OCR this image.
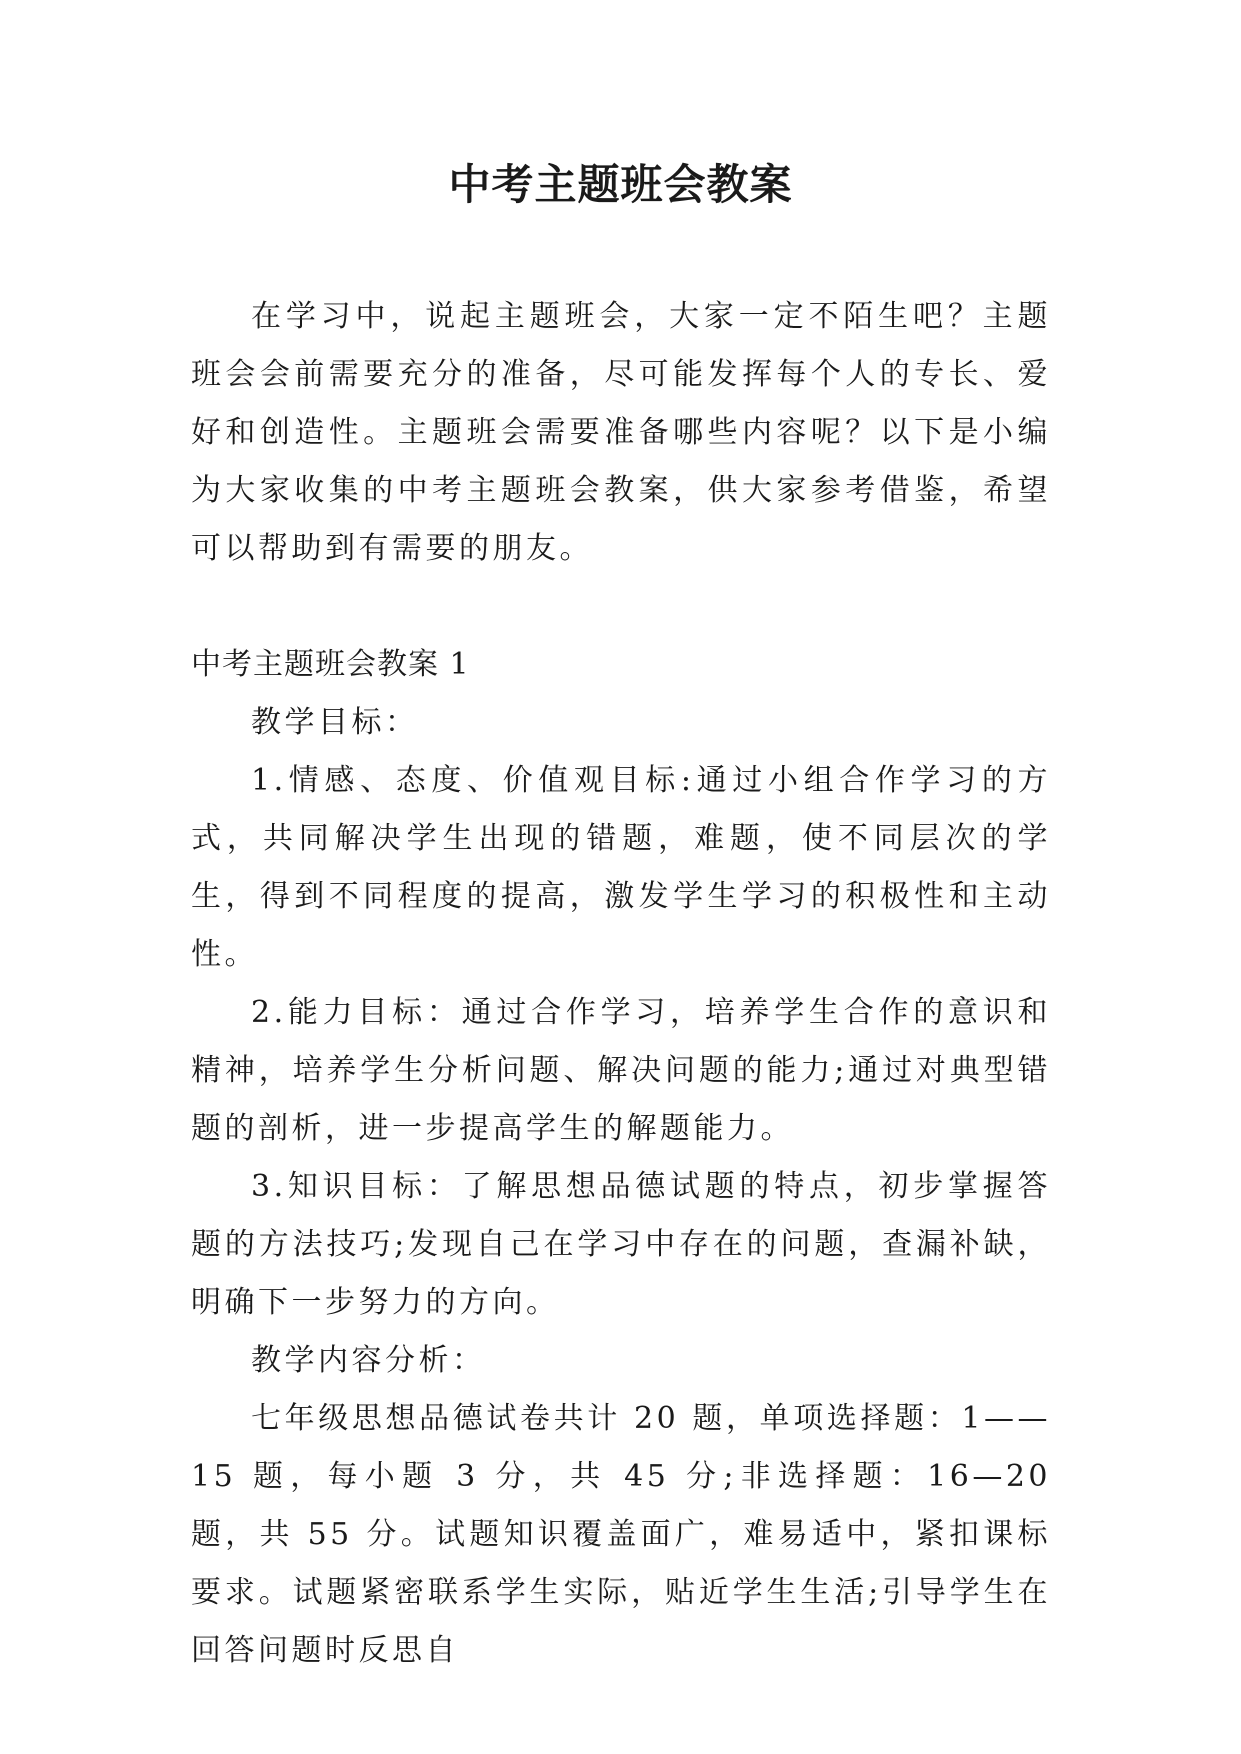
中考主题班会教案

在学习中，说起主题班会，大家一定不陌生吧？主题班会会前需要充分的准备，尽可能发挥每个人的专长、爱好和创造性。主题班会需要准备哪些内容呢？以下是小编为大家收集的中考主题班会教案，供大家参考借鉴，希望可以帮助到有需要的朋友。

中考主题班会教案 1

教学目标：

1.情感、态度、价值观目标:通过小组合作学习的方式，共同解决学生出现的错题，难题，使不同层次的学生，得到不同程度的提高，激发学生学习的积极性和主动性。

2.能力目标：通过合作学习，培养学生合作的意识和精神，培养学生分析问题、解决问题的能力;通过对典型错题的剖析，进一步提高学生的解题能力。

3.知识目标：了解思想品德试题的特点，初步掌握答题的方法技巧;发现自己在学习中存在的问题，查漏补缺，明确下一步努力的方向。

教学内容分析：

七年级思想品德试卷共计 20 题，单项选择题：1——15 题，每小题 3 分，共 45 分;非选择题：16—20 题，共 55 分。试题知识覆盖面广，难易适中，紧扣课标要求。试题紧密联系学生实际，贴近学生生活;引导学生在回答问题时反思自
